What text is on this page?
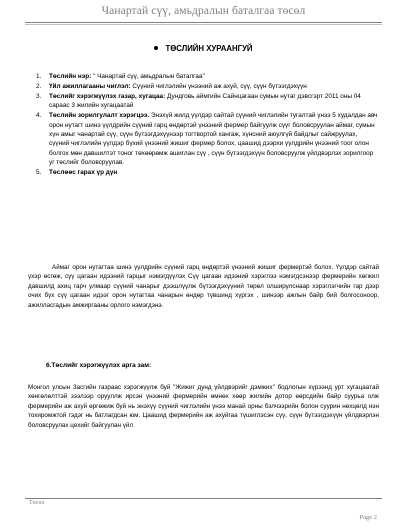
Чанартай сүү, амьдралын баталгаа төсөл
ТӨСЛИЙН ХУРААНГУЙ
1. Төслийн нэр: " Чанартай сүү, амьдралын баталгаа"
2. Үйл ажиллагааны чиглэл: Сүүний чиглэлийн үнээний аж ахуй, сүү, сүүн бүтээгдэхүүн
3. Төслийг хэрэгжүүлэх газар, хугацаа: Дундговь аймгийн Сайнцагаан сумын нутаг дэвсгэрт 2011 оны 04 сараас 3 жилийн хугацаатай
4. Төслийн зорилгулалт хэрэгцээ. Энэхүй жилд үүлдэр сайтай сүүний чиглэлийн тугалтай үнээ 5 худалдан авч орон нутагт шинэ үүлдрийн сүүний гарц өндөртэй үнээний фермер байгуулж сүүг боловсруулан аймаг, сумын хүн амыг чанартай сүү, сүүн бүтээгдэхүүнээр тогтвортой хангаж, хүнсний аюулгүй байдлыг сайжруулах, сүүний чиглэлийн үүлдэр бүхий үнээний жишиг фермер болох, цаашид дээрхи үүлдрийн үнээний тоог олон болгох мөн давшилтэт тоног төхөөрөмж ашиглан сүү , сүүн бүтээгдэхүүн боловсруулж үйлдвэрлэх зорилгоор уг төслийг боловсруулав.
5. Төслөөс гарах үр дүн

Аймаг орон нутагтаа шинэ үүлдрийн сүүний гарц өндөртэй үнээний жишиг фермертэй болох. Үүлдэр сайтай үхэр өсгөж, сүү цагаан идээний гарцыг нэмэгдүүлэх Сүү цагаан идээний хэрэглээ нэмэгдсэнээр фермерийн хөгжил давшилд ахиц гарч улмаар сүүний чанарыг дээшлүүлж бүтээгдэхүүний төрөл олширулснаар хэрэглэгчийн гар дээр очих бүх сүү цагаан идээг орон нутагтаа чанарын өндөр түвшинд хүргэх , шинээр ажлын байр бий болгосоноор, ажилласгадын амжиргааны орлого нэмэгдэнэ.

6.Төслийг хэрэгжүүлэх арга зам:

Монгол улсын Засгийн газраас хэрэгжүүлж буй "Жижиг дунд үйлдвэрийг дэмжих" бодлогын хүрээнд урт хугацаатай хөнгөлөлттэй зээлээр орууллж ирсэн үнээний фермерийн өмнөх хөөр жилийн дотор өөрсдийн байр суурьа олж фермерийн аж ахуй өргөжиж буй нь энэхүү сүүний чиглэлийн үнээ манай орны бэлчээрийн болон суурин нөхцөлд нэн тохиромжтой гэдэг нь батлагдсан юм. Цаашид фермерийн аж ахуйгаа түшиглэсэн сүү, сүүн бүтээгдэхүүн үйлдвэрлэн боловсруулах цехийг байгуулан үйл

Төсөл
Page 2
